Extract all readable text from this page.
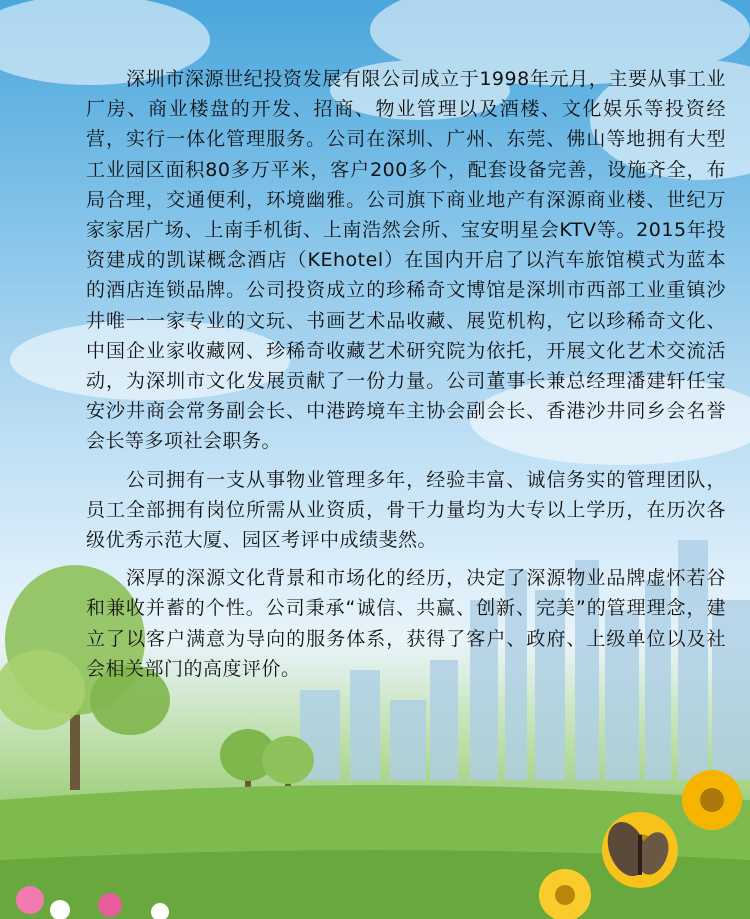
深圳市深源世纪投资发展有限公司成立于1998年元月，主要从事工业厂房、商业楼盘的开发、招商、物业管理以及酒楼、文化娱乐等投资经营，实行一体化管理服务。公司在深圳、广州、东莞、佛山等地拥有大型工业园区面积80多万平米，客户200多个，配套设备完善，设施齐全，布局合理，交通便利，环境幽雅。公司旗下商业地产有深源商业楼、世纪万家家居广场、上南手机街、上南浩然会所、宝安明星会KTV等。2015年投资建成的凯谋概念酒店（KEhotel）在国内开启了以汽车旅馆模式为蓝本的酒店连锁品牌。公司投资成立的珍稀奇文博馆是深圳市西部工业重镇沙井唯一一家专业的文玩、书画艺术品收藏、展览机构，它以珍稀奇文化、中国企业家收藏网、珍稀奇收藏艺术研究院为依托，开展文化艺术交流活动，为深圳市文化发展贡献了一份力量。公司董事长兼总经理潘建轩任宝安沙井商会常务副会长、中港跨境车主协会副会长、香港沙井同乡会名誉会长等多项社会职务。

公司拥有一支从事物业管理多年，经验丰富、诚信务实的管理团队，员工全部拥有岗位所需从业资质，骨干力量均为大专以上学历，在历次各级优秀示范大厦、园区考评中成绩斐然。

深厚的深源文化背景和市场化的经历，决定了深源物业品牌虚怀若谷和兼收并蓄的个性。公司秉承“诚信、共赢、创新、完美”的管理理念，建立了以客户满意为导向的服务体系，获得了客户、政府、上级单位以及社会相关部门的高度评价。
